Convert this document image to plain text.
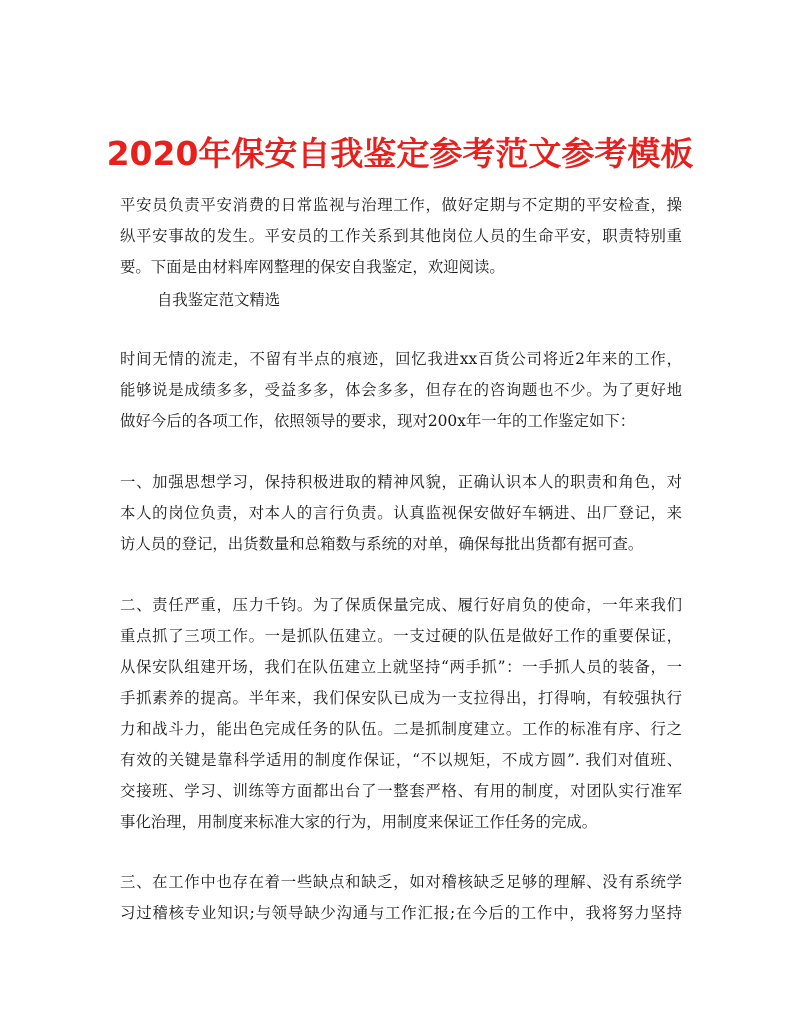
2020年保安自我鉴定参考范文参考模板
平安员负责平安消费的日常监视与治理工作，做好定期与不定期的平安检查，操
纵平安事故的发生。平安员的工作关系到其他岗位人员的生命平安，职责特别重
要。下面是由材料库网整理的保安自我鉴定，欢迎阅读。
自我鉴定范文精选
时间无情的流走，不留有半点的痕迹，回忆我进xx百货公司将近2年来的工作，
能够说是成绩多多，受益多多，体会多多，但存在的咨询题也不少。为了更好地
做好今后的各项工作，依照领导的要求，现对200x年一年的工作鉴定如下：
一、加强思想学习，保持积极进取的精神风貌，正确认识本人的职责和角色，对
本人的岗位负责，对本人的言行负责。认真监视保安做好车辆进、出厂登记，来
访人员的登记，出货数量和总箱数与系统的对单，确保每批出货都有据可查。
二、责任严重，压力千钧。为了保质保量完成、履行好肩负的使命，一年来我们
重点抓了三项工作。一是抓队伍建立。一支过硬的队伍是做好工作的重要保证，
从保安队组建开场，我们在队伍建立上就坚持“两手抓”：一手抓人员的装备，一
手抓素养的提高。半年来，我们保安队已成为一支拉得出，打得响，有较强执行
力和战斗力，能出色完成任务的队伍。二是抓制度建立。工作的标准有序、行之
有效的关键是靠科学适用的制度作保证，“不以规矩，不成方圆”. 我们对值班、
交接班、学习、训练等方面都出台了一整套严格、有用的制度，对团队实行准军
事化治理，用制度来标准大家的行为，用制度来保证工作任务的完成。
三、在工作中也存在着一些缺点和缺乏，如对稽核缺乏足够的理解、没有系统学
习过稽核专业知识;与领导缺少沟通与工作汇报;在今后的工作中，我将努力坚持
